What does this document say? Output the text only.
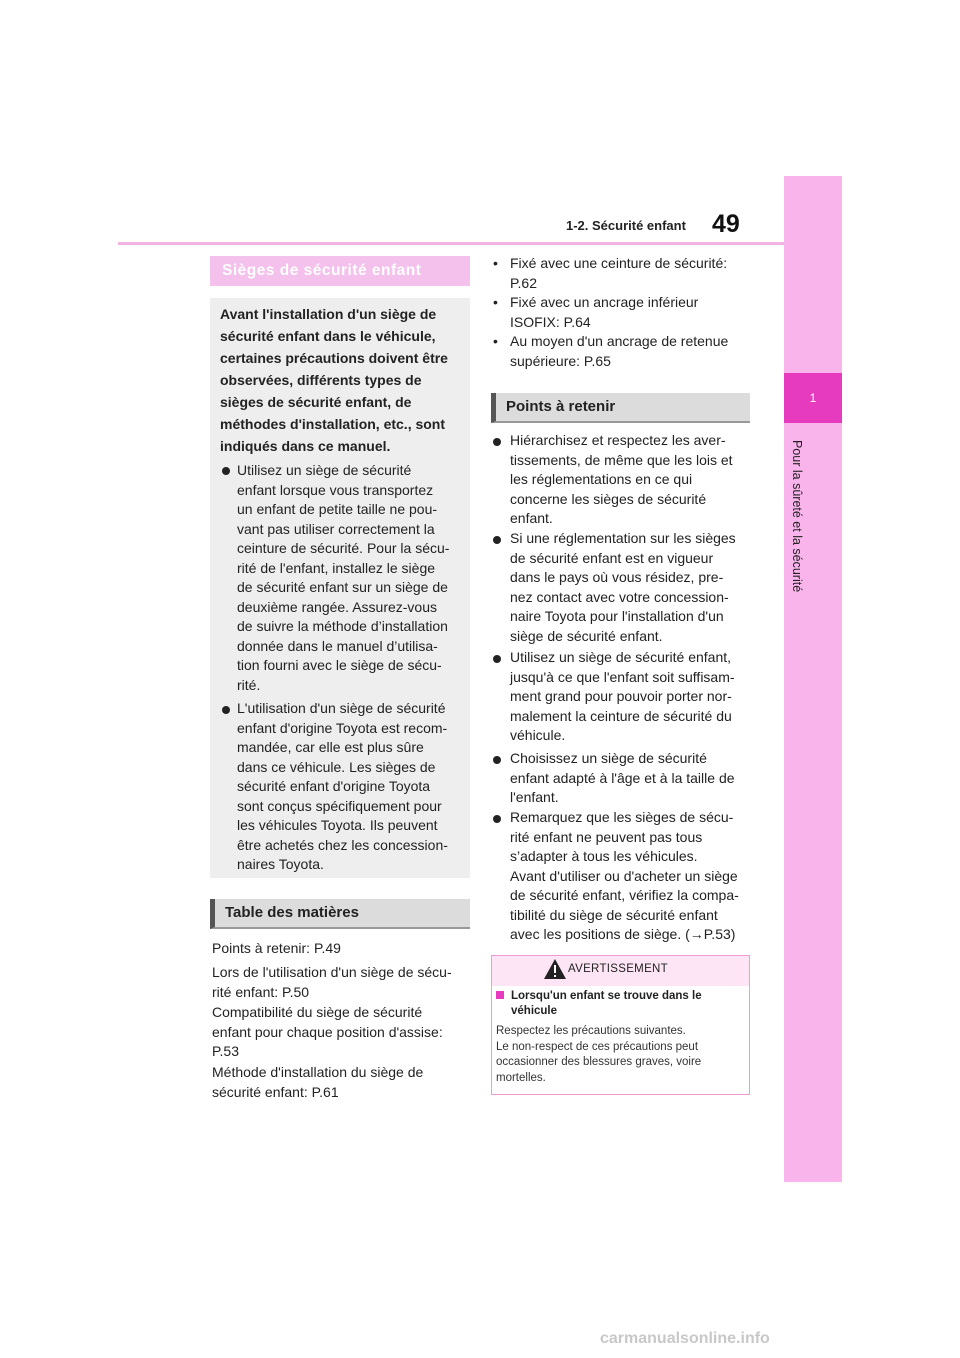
1-2. Sécurité enfant 49
1
Pour la sûreté et la sécurité
Sièges de sécurité enfant

Avant l'installation d'un siège de

sécurité enfant dans le véhicule,

certaines précautions doivent être

observées, différents types de

sièges de sécurité enfant, de

méthodes d'installation, etc., sont

indiqués dans ce manuel.

Utilisez un siège de sécurité

enfant lorsque vous transportez

un enfant de petite taille ne pou-

vant pas utiliser correctement la

ceinture de sécurité. Pour la sécu-

rité de l'enfant, installez le siège

de sécurité enfant sur un siège de

deuxième rangée. Assurez-vous

de suivre la méthode d’installation

donnée dans le manuel d’utilisa-

tion fourni avec le siège de sécu-

rité.

L'utilisation d'un siège de sécurité

enfant d'origine Toyota est recom-

mandée, car elle est plus sûre

dans ce véhicule. Les sièges de

sécurité enfant d'origine Toyota

sont conçus spécifiquement pour

les véhicules Toyota. Ils peuvent

être achetés chez les concession-

naires Toyota.

Table des matières

Points à retenir: P.49

Lors de l'utilisation d'un siège de sécu-

rité enfant: P.50

Compatibilité du siège de sécurité

enfant pour chaque position d'assise:

P.53

Méthode d'installation du siège de

sécurité enfant: P.61

• Fixé avec une ceinture de sécurité:

P.62

• Fixé avec un ancrage inférieur

ISOFIX: P.64

• Au moyen d'un ancrage de retenue

supérieure: P.65

Points à retenir

Hiérarchisez et respectez les aver-

tissements, de même que les lois et

les réglementations en ce qui

concerne les sièges de sécurité

enfant.

Si une réglementation sur les sièges

de sécurité enfant est en vigueur

dans le pays où vous résidez, pre-

nez contact avec votre concession-

naire Toyota pour l'installation d'un

siège de sécurité enfant.

Utilisez un siège de sécurité enfant,

jusqu'à ce que l'enfant soit suffisam-

ment grand pour pouvoir porter nor-

malement la ceinture de sécurité du

véhicule.

Choisissez un siège de sécurité

enfant adapté à l'âge et à la taille de

l'enfant.

Remarquez que les sièges de sécu-

rité enfant ne peuvent pas tous

s’adapter à tous les véhicules.

Avant d'utiliser ou d'acheter un siège

de sécurité enfant, vérifiez la compa-

tibilité du siège de sécurité enfant

avec les positions de siège. (→P.53)

AVERTISSEMENT
Lorsqu'un enfant se trouve dans le
véhicule

Respectez les précautions suivantes.

Le non-respect de ces précautions peut

occasionner des blessures graves, voire

mortelles.

carmanualsonline.info
